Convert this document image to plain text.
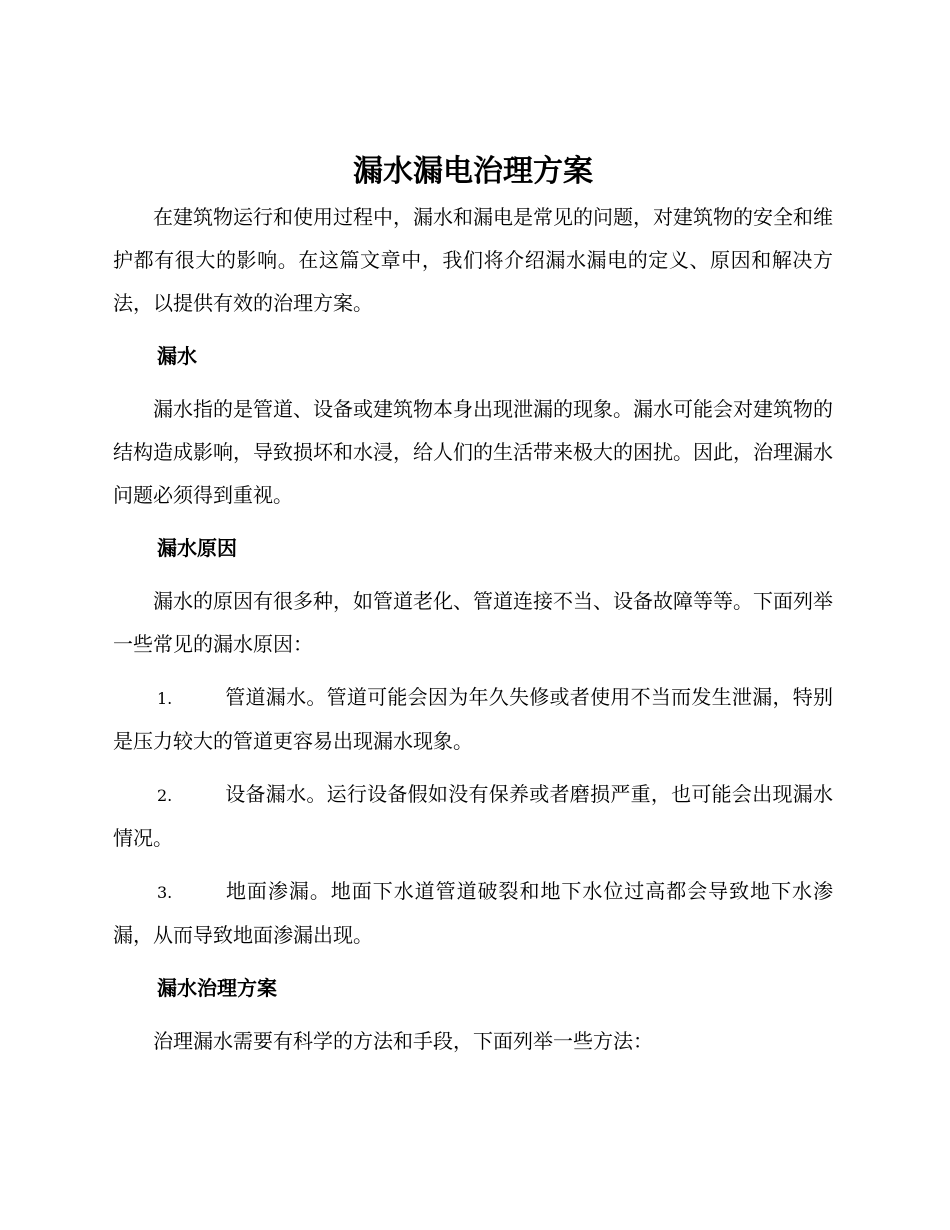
漏水漏电治理方案

在建筑物运行和使用过程中，漏水和漏电是常见的问题，对建筑物的安全和维护都有很大的影响。在这篇文章中，我们将介绍漏水漏电的定义、原因和解决方法，以提供有效的治理方案。

漏水

漏水指的是管道、设备或建筑物本身出现泄漏的现象。漏水可能会对建筑物的结构造成影响，导致损坏和水浸，给人们的生活带来极大的困扰。因此，治理漏水问题必须得到重视。

漏水原因

漏水的原因有很多种，如管道老化、管道连接不当、设备故障等等。下面列举一些常见的漏水原因：

1.	管道漏水。管道可能会因为年久失修或者使用不当而发生泄漏，特别是压力较大的管道更容易出现漏水现象。
2.	设备漏水。运行设备假如没有保养或者磨损严重，也可能会出现漏水情况。
3.	地面渗漏。地面下水道管道破裂和地下水位过高都会导致地下水渗漏，从而导致地面渗漏出现。
漏水治理方案

治理漏水需要有科学的方法和手段，下面列举一些方法：
